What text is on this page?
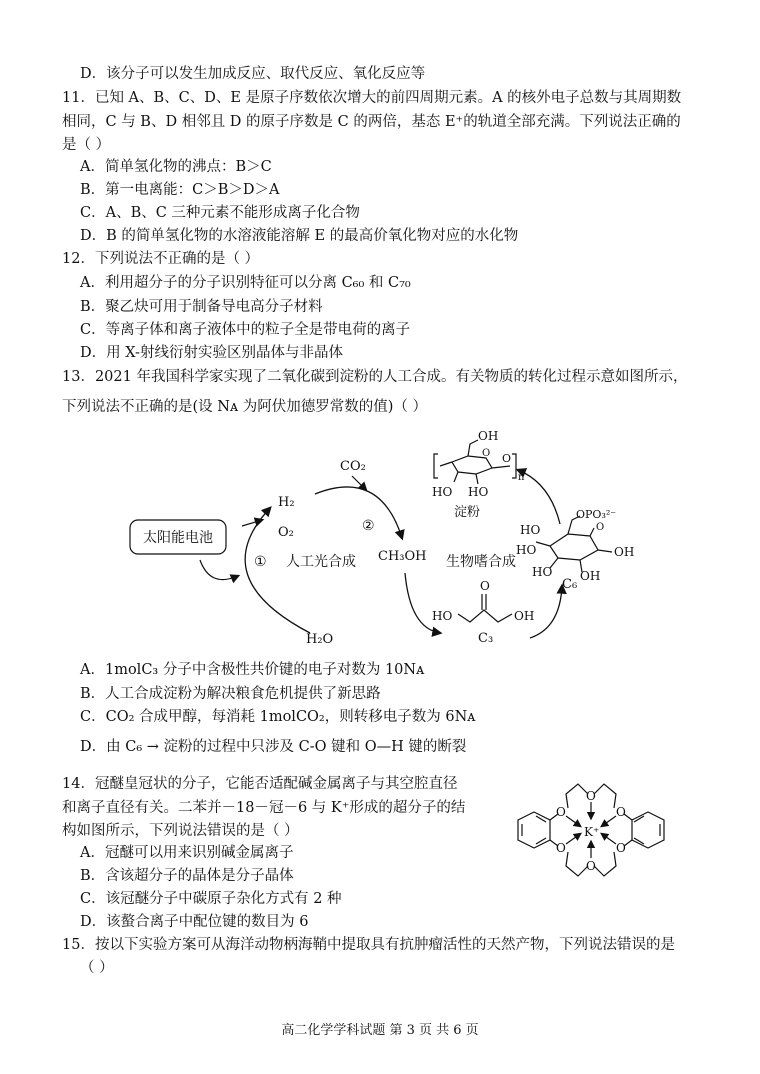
D．该分子可以发生加成反应、取代反应、氧化反应等
11．已知 A、B、C、D、E 是原子序数依次增大的前四周期元素。A 的核外电子总数与其周期数
相同，C 与 B、D 相邻且 D 的原子序数是 C 的两倍，基态 E⁺的轨道全部充满。下列说法正确的
是（ ）
A．简单氢化物的沸点：B＞C
B．第一电离能：C＞B＞D＞A
C．A、B、C 三种元素不能形成离子化合物
D．B 的简单氢化物的水溶液能溶解 E 的最高价氧化物对应的水化物
12．下列说法不正确的是（ ）
A．利用超分子的分子识别特征可以分离 C₆₀ 和 C₇₀
B．聚乙炔可用于制备导电高分子材料
C．等离子体和离子液体中的粒子全是带电荷的离子
D．用 X-射线衍射实验区别晶体与非晶体
13．2021 年我国科学家实现了二氧化碳到淀粉的人工合成。有关物质的转化过程示意如图所示，
下列说法不正确的是(设 Nᴀ 为阿伏加德罗常数的值)（ ）
太阳能电池
H₂
O₂
① 人工光合成
H₂O
CO₂
②
CH₃OH 生物嗜合成
HO
O
OH
C₃
HO
OPO₃²⁻
O
OH
HO
HO OH
C₆
OH
O O
n
HO HO
淀粉
A．1molC₃ 分子中含极性共价键的电子对数为 10Nᴀ
B．人工合成淀粉为解决粮食危机提供了新思路
C．CO₂ 合成甲醇，每消耗 1molCO₂，则转移电子数为 6Nᴀ
D．由 C₆ → 淀粉的过程中只涉及 C-O 键和 O—H 键的断裂
14．冠醚皇冠状的分子，它能否适配碱金属离子与其空腔直径
和离子直径有关。二苯并－18－冠－6 与 K⁺形成的超分子的结
构如图所示，下列说法错误的是（ ）
A．冠醚可以用来识别碱金属离子
B．含该超分子的晶体是分子晶体
C．该冠醚分子中碳原子杂化方式有 2 种
D．该螯合离子中配位键的数目为 6
K⁺
O
O
O
O
O
O
15．按以下实验方案可从海洋动物柄海鞘中提取具有抗肿瘤活性的天然产物，下列说法错误的是
（ ）
高二化学学科试题 第 3 页 共 6 页
